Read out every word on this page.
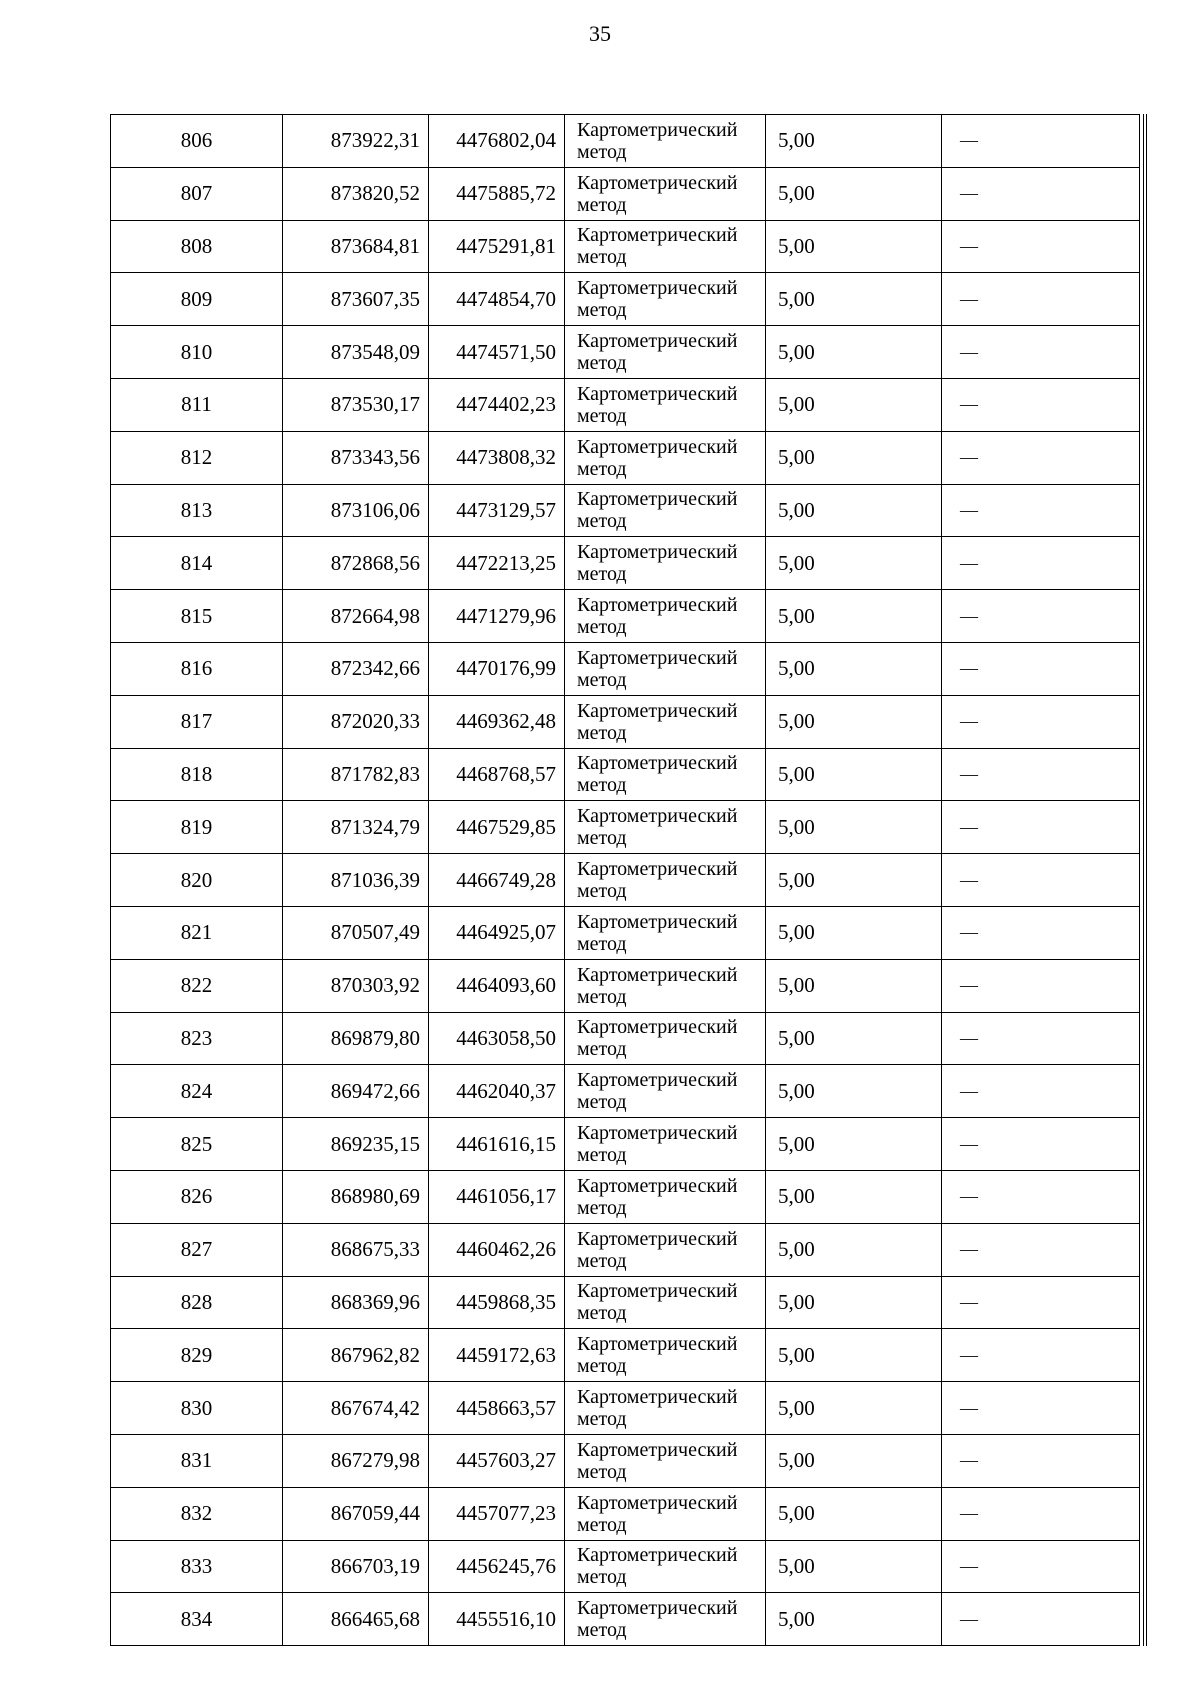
35
806	873922,31	4476802,04	Картометрический
метод	5,00	—
807	873820,52	4475885,72	Картометрический
метод	5,00	—
808	873684,81	4475291,81	Картометрический
метод	5,00	—
809	873607,35	4474854,70	Картометрический
метод	5,00	—
810	873548,09	4474571,50	Картометрический
метод	5,00	—
811	873530,17	4474402,23	Картометрический
метод	5,00	—
812	873343,56	4473808,32	Картометрический
метод	5,00	—
813	873106,06	4473129,57	Картометрический
метод	5,00	—
814	872868,56	4472213,25	Картометрический
метод	5,00	—
815	872664,98	4471279,96	Картометрический
метод	5,00	—
816	872342,66	4470176,99	Картометрический
метод	5,00	—
817	872020,33	4469362,48	Картометрический
метод	5,00	—
818	871782,83	4468768,57	Картометрический
метод	5,00	—
819	871324,79	4467529,85	Картометрический
метод	5,00	—
820	871036,39	4466749,28	Картометрический
метод	5,00	—
821	870507,49	4464925,07	Картометрический
метод	5,00	—
822	870303,92	4464093,60	Картометрический
метод	5,00	—
823	869879,80	4463058,50	Картометрический
метод	5,00	—
824	869472,66	4462040,37	Картометрический
метод	5,00	—
825	869235,15	4461616,15	Картометрический
метод	5,00	—
826	868980,69	4461056,17	Картометрический
метод	5,00	—
827	868675,33	4460462,26	Картометрический
метод	5,00	—
828	868369,96	4459868,35	Картометрический
метод	5,00	—
829	867962,82	4459172,63	Картометрический
метод	5,00	—
830	867674,42	4458663,57	Картометрический
метод	5,00	—
831	867279,98	4457603,27	Картометрический
метод	5,00	—
832	867059,44	4457077,23	Картометрический
метод	5,00	—
833	866703,19	4456245,76	Картометрический
метод	5,00	—
834	866465,68	4455516,10	Картометрический
метод	5,00	—
